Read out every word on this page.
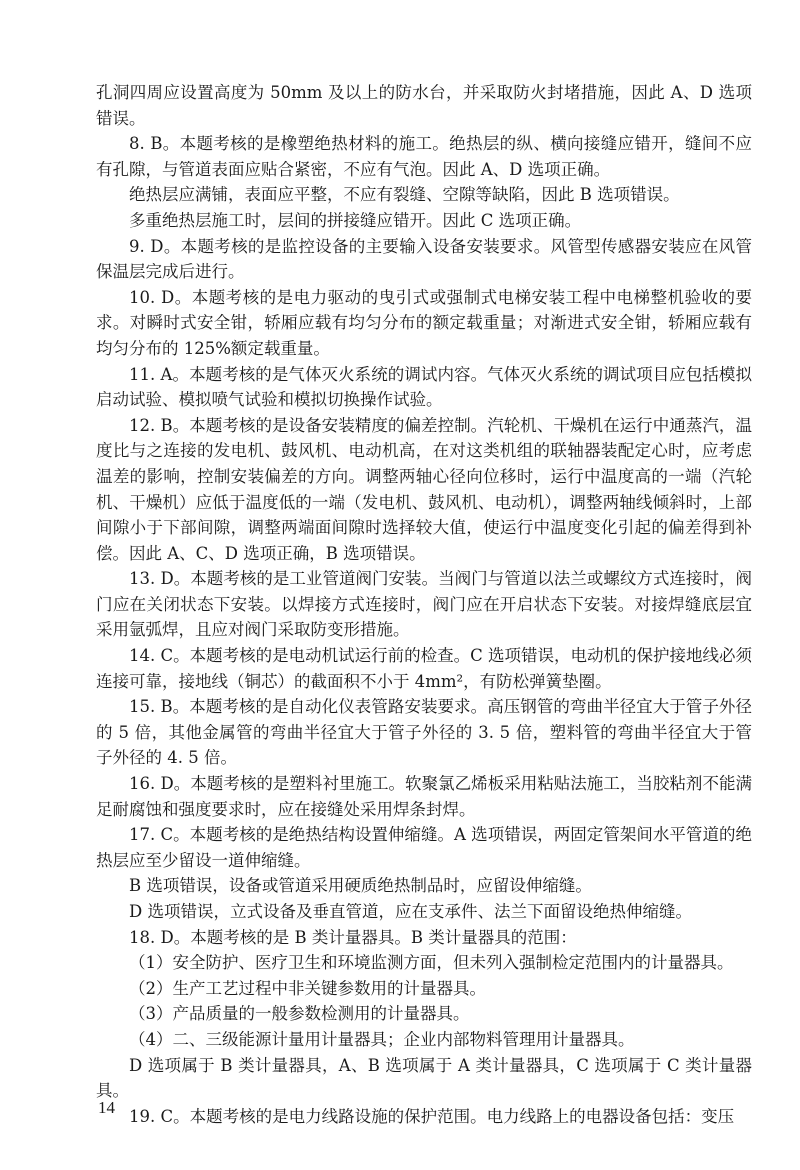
孔洞四周应设置高度为 50mm 及以上的防水台，并采取防火封堵措施，因此 A、D 选项错误。

8. B。本题考核的是橡塑绝热材料的施工。绝热层的纵、横向接缝应错开，缝间不应有孔隙，与管道表面应贴合紧密，不应有气泡。因此 A、D 选项正确。

绝热层应满铺，表面应平整，不应有裂缝、空隙等缺陷，因此 B 选项错误。

多重绝热层施工时，层间的拼接缝应错开。因此 C 选项正确。

9. D。本题考核的是监控设备的主要输入设备安装要求。风管型传感器安装应在风管保温层完成后进行。

10. D。本题考核的是电力驱动的曳引式或强制式电梯安装工程中电梯整机验收的要求。对瞬时式安全钳，轿厢应载有均匀分布的额定载重量；对渐进式安全钳，轿厢应载有均匀分布的 125%额定载重量。

11. A。本题考核的是气体灭火系统的调试内容。气体灭火系统的调试项目应包括模拟启动试验、模拟喷气试验和模拟切换操作试验。

12. B。本题考核的是设备安装精度的偏差控制。汽轮机、干燥机在运行中通蒸汽，温度比与之连接的发电机、鼓风机、电动机高，在对这类机组的联轴器装配定心时，应考虑温差的影响，控制安装偏差的方向。调整两轴心径向位移时，运行中温度高的一端（汽轮机、干燥机）应低于温度低的一端（发电机、鼓风机、电动机），调整两轴线倾斜时，上部间隙小于下部间隙，调整两端面间隙时选择较大值，使运行中温度变化引起的偏差得到补偿。因此 A、C、D 选项正确，B 选项错误。

13. D。本题考核的是工业管道阀门安装。当阀门与管道以法兰或螺纹方式连接时，阀门应在关闭状态下安装。以焊接方式连接时，阀门应在开启状态下安装。对接焊缝底层宜采用氩弧焊，且应对阀门采取防变形措施。

14. C。本题考核的是电动机试运行前的检查。C 选项错误，电动机的保护接地线必须连接可靠，接地线（铜芯）的截面积不小于 4mm²，有防松弹簧垫圈。

15. B。本题考核的是自动化仪表管路安装要求。高压钢管的弯曲半径宜大于管子外径的 5 倍，其他金属管的弯曲半径宜大于管子外径的 3. 5 倍，塑料管的弯曲半径宜大于管子外径的 4. 5 倍。

16. D。本题考核的是塑料衬里施工。软聚氯乙烯板采用粘贴法施工，当胶粘剂不能满足耐腐蚀和强度要求时，应在接缝处采用焊条封焊。

17. C。本题考核的是绝热结构设置伸缩缝。A 选项错误，两固定管架间水平管道的绝热层应至少留设一道伸缩缝。

B 选项错误，设备或管道采用硬质绝热制品时，应留设伸缩缝。

D 选项错误，立式设备及垂直管道，应在支承件、法兰下面留设绝热伸缩缝。

18. D。本题考核的是 B 类计量器具。B 类计量器具的范围：

（1）安全防护、医疗卫生和环境监测方面，但未列入强制检定范围内的计量器具。

（2）生产工艺过程中非关键参数用的计量器具。

（3）产品质量的一般参数检测用的计量器具。

（4）二、三级能源计量用计量器具；企业内部物料管理用计量器具。

D 选项属于 B 类计量器具，A、B 选项属于 A 类计量器具，C 选项属于 C 类计量器具。

19. C。本题考核的是电力线路设施的保护范围。电力线路上的电器设备包括：变压

14
